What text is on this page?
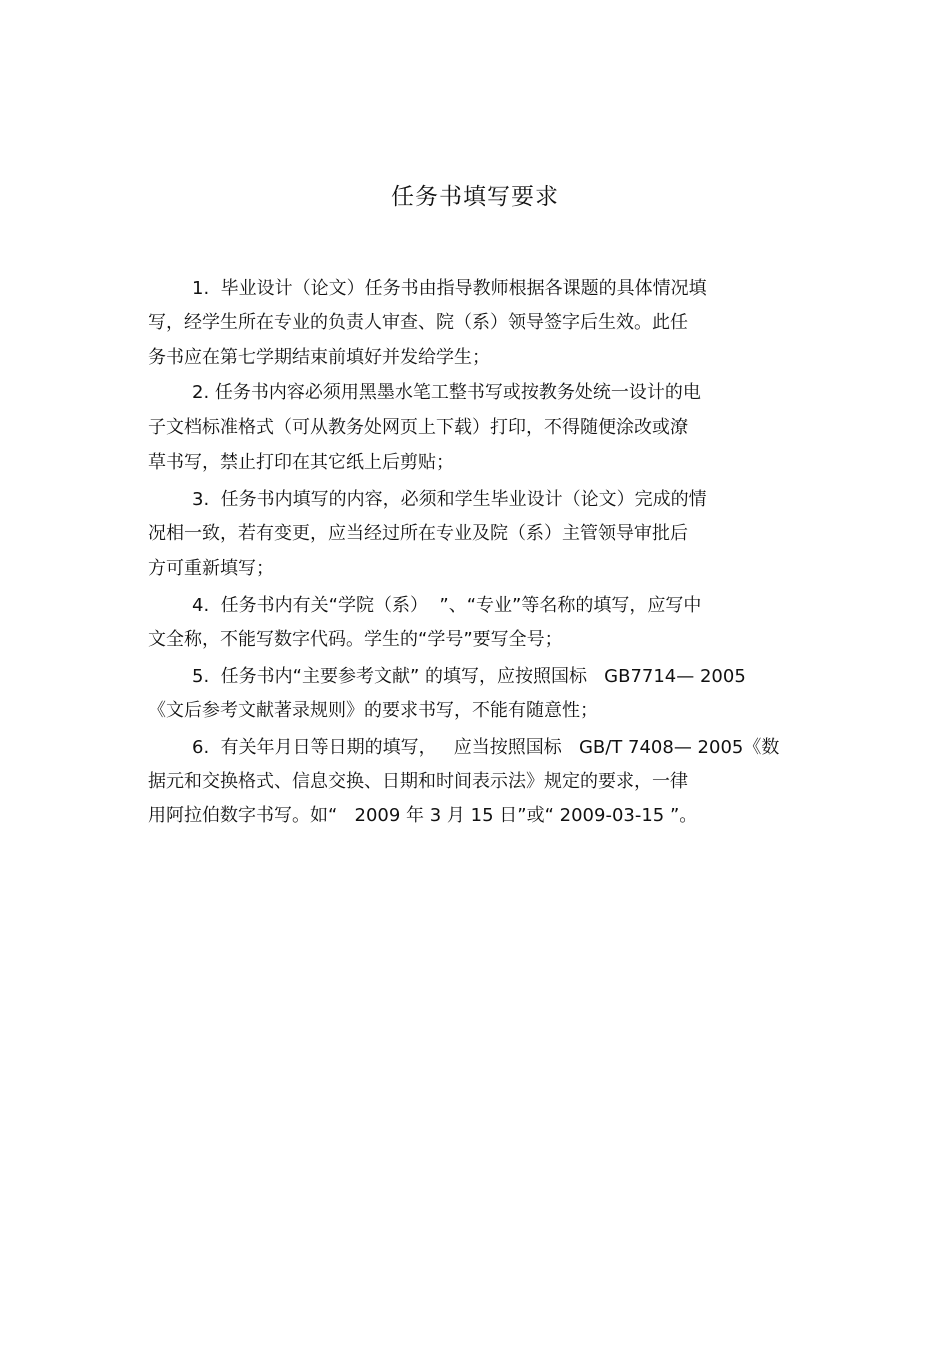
任务书填写要求
1.  毕业设计（论文）任务书由指导教师根据各课题的具体情况填
写，经学生所在专业的负责人审查、院（系）领导签字后生效。此任
务书应在第七学期结束前填好并发给学生；
2. 任务书内容必须用黑墨水笔工整书写或按教务处统一设计的电
子文档标准格式（可从教务处网页上下载）打印，不得随便涂改或潦
草书写，禁止打印在其它纸上后剪贴；
3.  任务书内填写的内容，必须和学生毕业设计（论文）完成的情
况相一致，若有变更，应当经过所在专业及院（系）主管领导审批后
方可重新填写；
4.  任务书内有关“学院（系）  ”、“专业”等名称的填写，应写中
文全称，不能写数字代码。学生的“学号”要写全号；
5.  任务书内“主要参考文献” 的填写，应按照国标   GB7714— 2005
《文后参考文献著录规则》的要求书写，不能有随意性；
6.  有关年月日等日期的填写，   应当按照国标   GB/T 7408— 2005《数
据元和交换格式、信息交换、日期和时间表示法》规定的要求，一律
用阿拉伯数字书写。如“   2009 年 3 月 15 日”或“ 2009-03-15 ”。
